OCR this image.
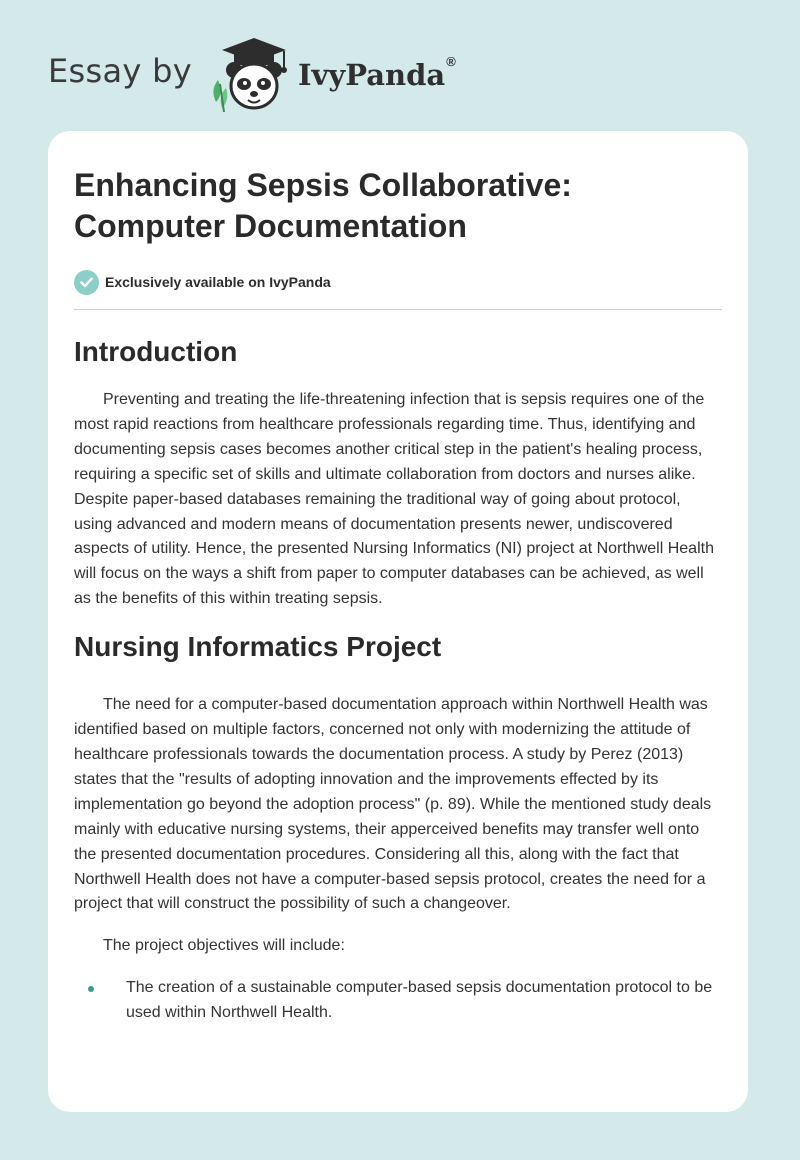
Essay by	IvyPanda®
Enhancing Sepsis Collaborative:
Computer Documentation
Exclusively available on IvyPanda
Introduction

Preventing and treating the life-threatening infection that is sepsis requires one of the most rapid reactions from healthcare professionals regarding time. Thus, identifying and documenting sepsis cases becomes another critical step in the patient's healing process, requiring a specific set of skills and ultimate collaboration from doctors and nurses alike. Despite paper-based databases remaining the traditional way of going about protocol, using advanced and modern means of documentation presents newer, undiscovered aspects of utility. Hence, the presented Nursing Informatics (NI) project at Northwell Health will focus on the ways a shift from paper to computer databases can be achieved, as well as the benefits of this within treating sepsis.

Nursing Informatics Project

The need for a computer-based documentation approach within Northwell Health was identified based on multiple factors, concerned not only with modernizing the attitude of healthcare professionals towards the documentation process. A study by Perez (2013) states that the "results of adopting innovation and the improvements effected by its implementation go beyond the adoption process" (p. 89). While the mentioned study deals mainly with educative nursing systems, their apperceived benefits may transfer well onto the presented documentation procedures. Considering all this, along with the fact that Northwell Health does not have a computer-based sepsis protocol, creates the need for a project that will construct the possibility of such a changeover.

The project objectives will include:

The creation of a sustainable computer-based sepsis documentation protocol to be used within Northwell Health.
